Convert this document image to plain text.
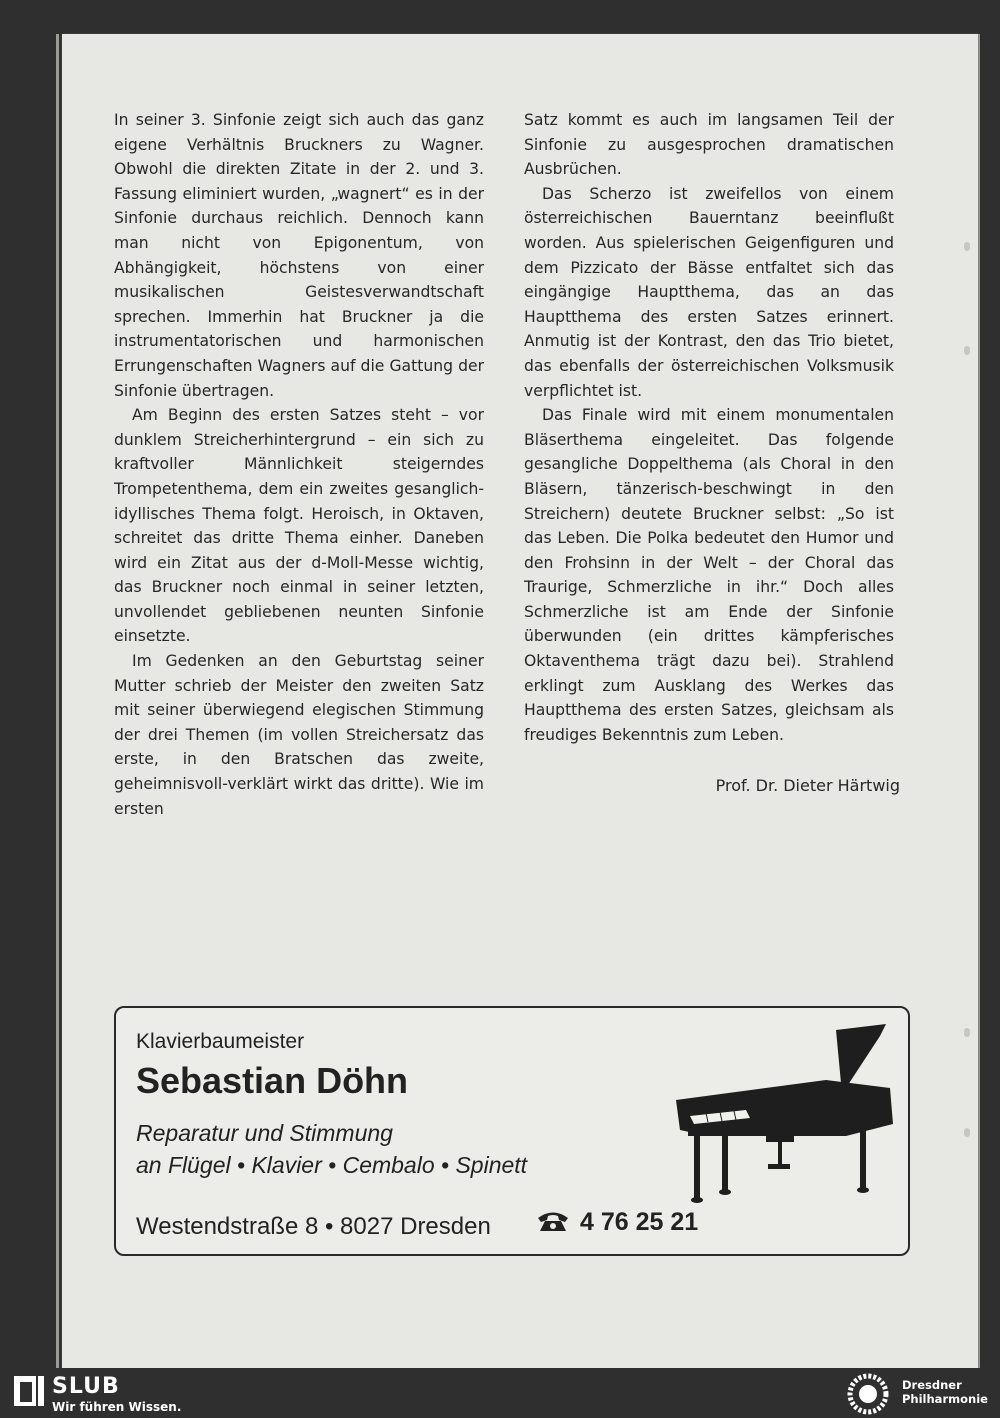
In seiner 3. Sinfonie zeigt sich auch das ganz eigene Verhältnis Bruckners zu Wagner. Obwohl die direkten Zitate in der 2. und 3. Fassung eliminiert wurden, „wagnert“ es in der Sinfonie durchaus reichlich. Dennoch kann man nicht von Epigonentum, von Abhängigkeit, höchstens von einer musikalischen Geistesverwandtschaft sprechen. Immerhin hat Bruckner ja die instrumentatorischen und harmonischen Errungenschaften Wagners auf die Gattung der Sinfonie übertragen.

Am Beginn des ersten Satzes steht – vor dunklem Streicherhintergrund – ein sich zu kraftvoller Männlichkeit steigerndes Trompetenthema, dem ein zweites gesanglich-idyllisches Thema folgt. Heroisch, in Oktaven, schreitet das dritte Thema einher. Daneben wird ein Zitat aus der d-Moll-Messe wichtig, das Bruckner noch einmal in seiner letzten, unvollendet gebliebenen neunten Sinfonie einsetzte.

Im Gedenken an den Geburtstag seiner Mutter schrieb der Meister den zweiten Satz mit seiner überwiegend elegischen Stimmung der drei Themen (im vollen Streichersatz das erste, in den Bratschen das zweite, geheimnisvoll-verklärt wirkt das dritte). Wie im ersten

Satz kommt es auch im langsamen Teil der Sinfonie zu ausgesprochen dramatischen Ausbrüchen.

Das Scherzo ist zweifellos von einem österreichischen Bauerntanz beeinflußt worden. Aus spielerischen Geigenfiguren und dem Pizzicato der Bässe entfaltet sich das eingängige Hauptthema, das an das Hauptthema des ersten Satzes erinnert. Anmutig ist der Kontrast, den das Trio bietet, das ebenfalls der österreichischen Volksmusik verpflichtet ist.

Das Finale wird mit einem monumentalen Bläserthema eingeleitet. Das folgende gesangliche Doppelthema (als Choral in den Bläsern, tänzerisch-beschwingt in den Streichern) deutete Bruckner selbst: „So ist das Leben. Die Polka bedeutet den Humor und den Frohsinn in der Welt – der Choral das Traurige, Schmerzliche in ihr.“ Doch alles Schmerzliche ist am Ende der Sinfonie überwunden (ein drittes kämpferisches Oktaventhema trägt dazu bei). Strahlend erklingt zum Ausklang des Werkes das Hauptthema des ersten Satzes, gleichsam als freudiges Bekenntnis zum Leben.

Prof. Dr. Dieter Härtwig
Klavierbaumeister
Sebastian Döhn
Reparatur und Stimmung
an Flügel • Klavier • Cembalo • Spinett
Westendstraße 8 • 8027 Dresden	4 76 25 21
SLUB
Wir führen Wissen.
Dresdner
Philharmonie
